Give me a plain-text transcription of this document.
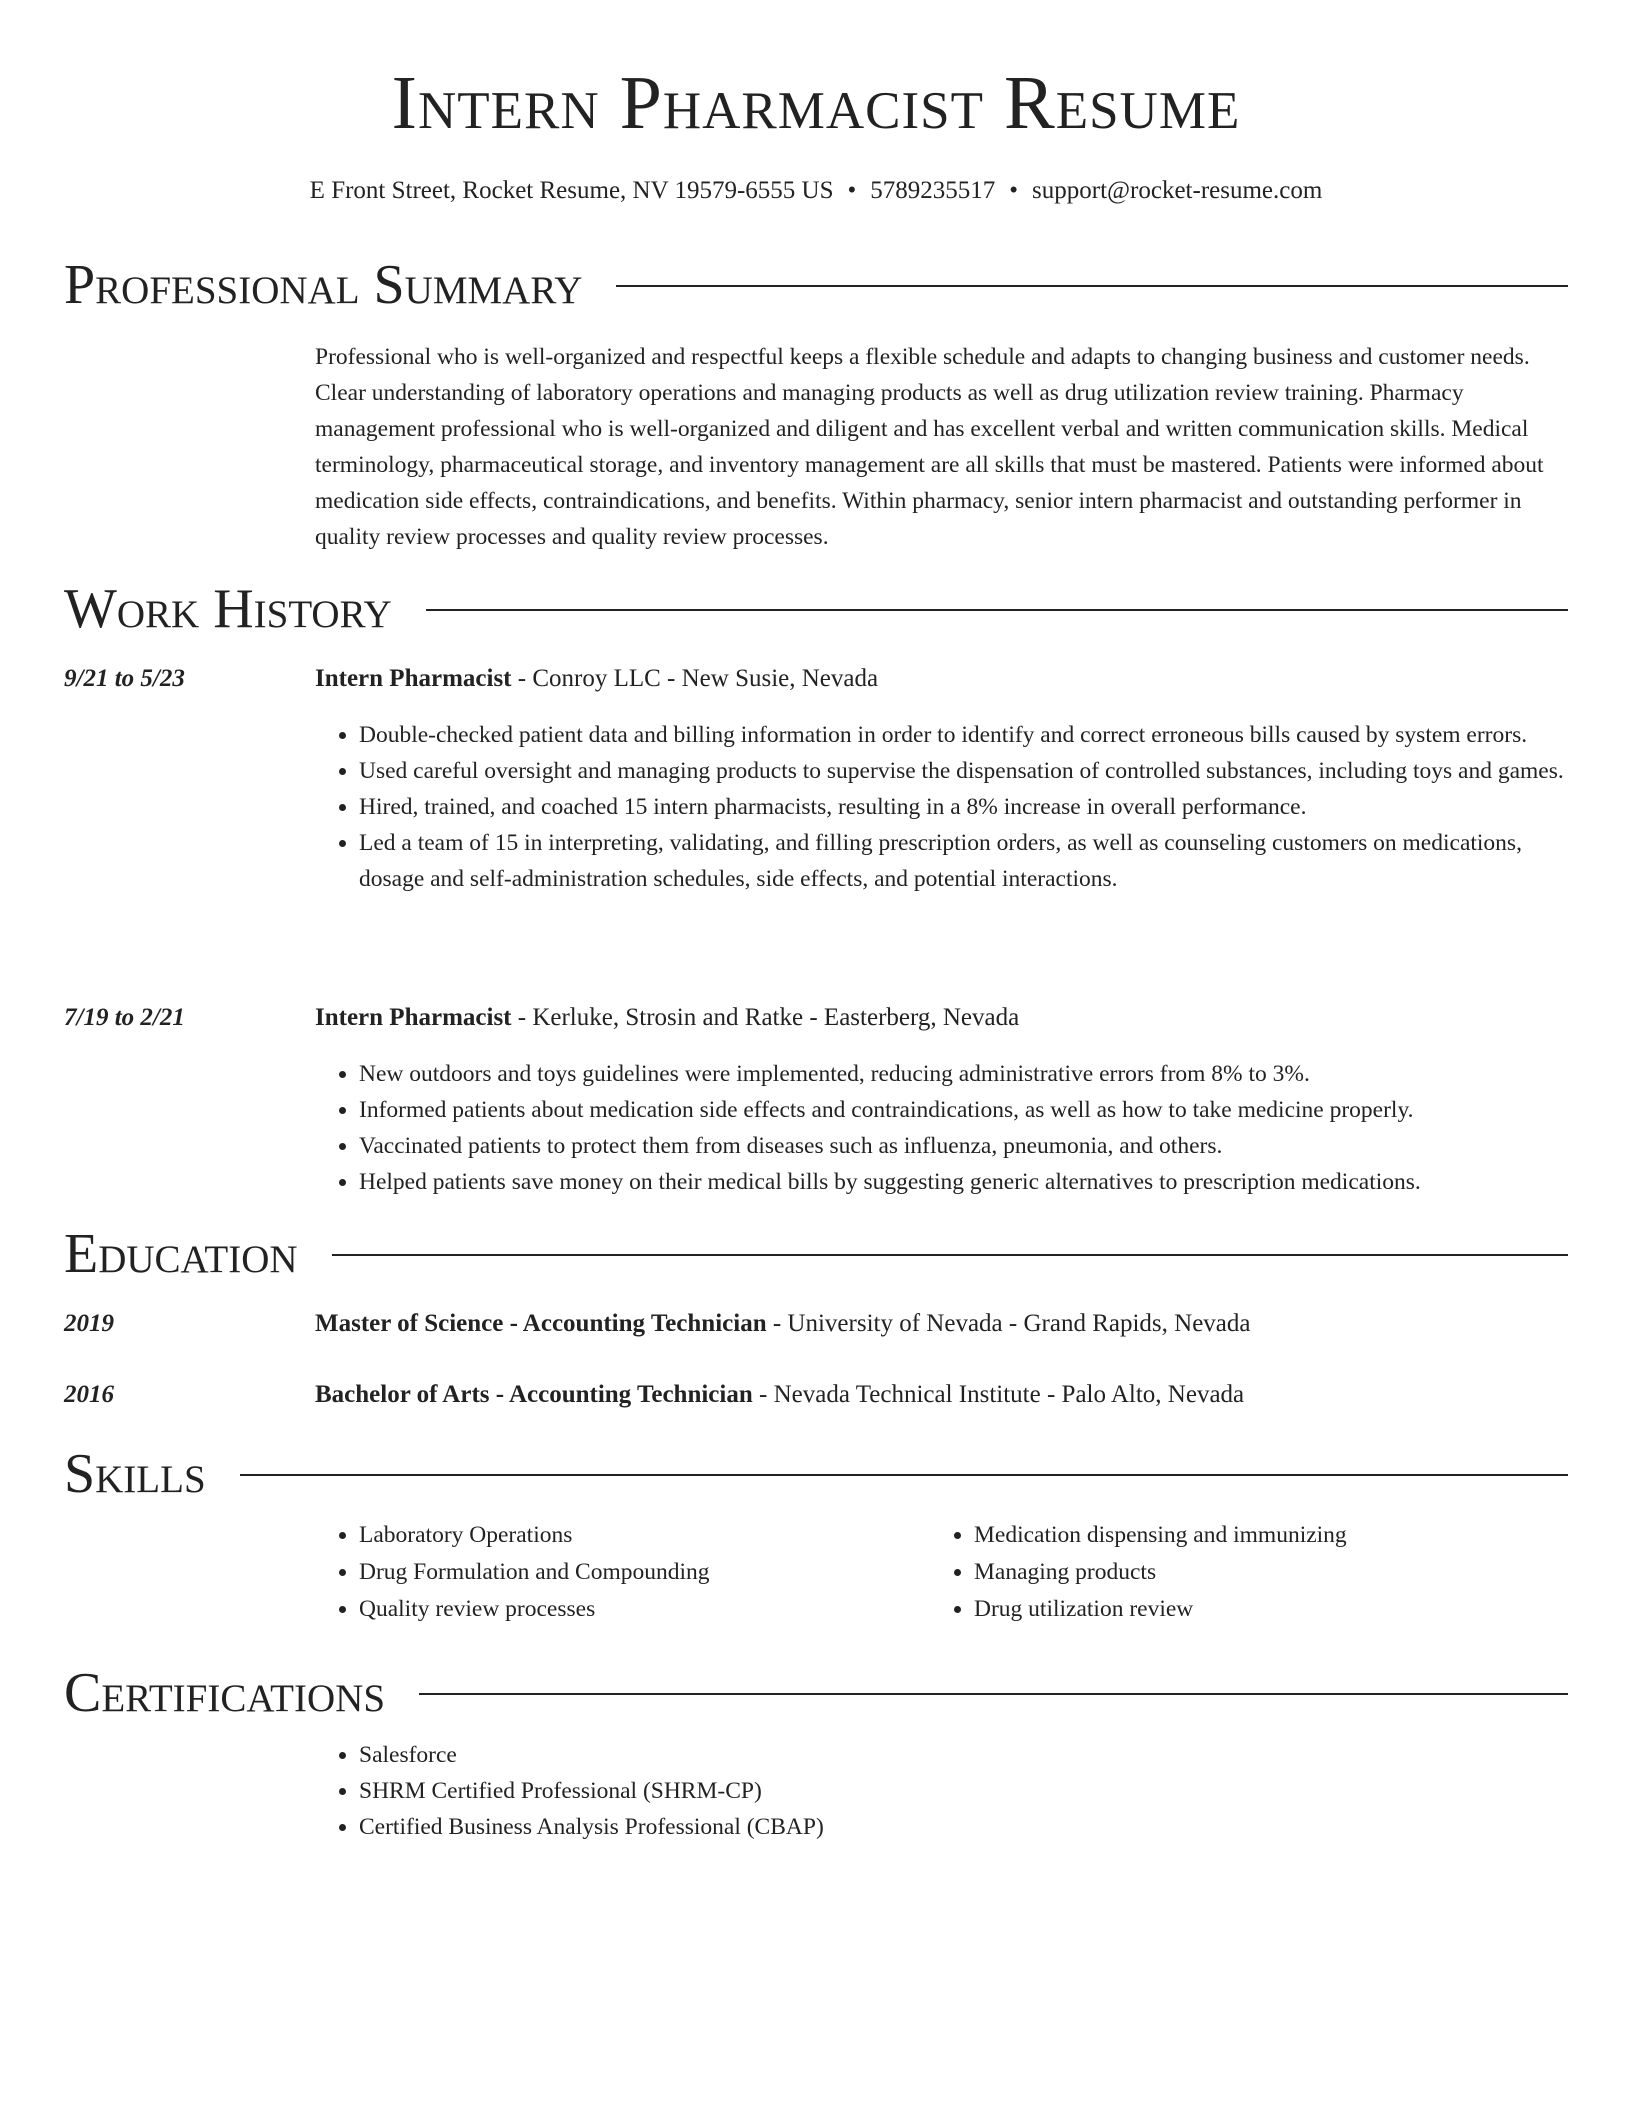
Intern Pharmacist Resume
E Front Street, Rocket Resume, NV 19579-6555 US • 5789235517 • support@rocket-resume.com
Professional Summary

Professional who is well-organized and respectful keeps a flexible schedule and adapts to changing business and customer needs. Clear understanding of laboratory operations and managing products as well as drug utilization review training. Pharmacy management professional who is well-organized and diligent and has excellent verbal and written communication skills. Medical terminology, pharmaceutical storage, and inventory management are all skills that must be mastered. Patients were informed about medication side effects, contraindications, and benefits. Within pharmacy, senior intern pharmacist and outstanding performer in quality review processes and quality review processes.

Work History
9/21 to 5/23	Intern Pharmacist - Conroy LLC - New Susie, Nevada
• Double-checked patient data and billing information in order to identify and correct erroneous bills caused by system errors.
• Used careful oversight and managing products to supervise the dispensation of controlled substances, including toys and games.
• Hired, trained, and coached 15 intern pharmacists, resulting in a 8% increase in overall performance.
• Led a team of 15 in interpreting, validating, and filling prescription orders, as well as counseling customers on medications, dosage and self-administration schedules, side effects, and potential interactions.
7/19 to 2/21	Intern Pharmacist - Kerluke, Strosin and Ratke - Easterberg, Nevada
• New outdoors and toys guidelines were implemented, reducing administrative errors from 8% to 3%.
• Informed patients about medication side effects and contraindications, as well as how to take medicine properly.
• Vaccinated patients to protect them from diseases such as influenza, pneumonia, and others.
• Helped patients save money on their medical bills by suggesting generic alternatives to prescription medications.
Education
2019	Master of Science - Accounting Technician - University of Nevada - Grand Rapids, Nevada
2016	Bachelor of Arts - Accounting Technician - Nevada Technical Institute - Palo Alto, Nevada
Skills
• Laboratory Operations
• Drug Formulation and Compounding
• Quality review processes
• Medication dispensing and immunizing
• Managing products
• Drug utilization review
Certifications
• Salesforce
• SHRM Certified Professional (SHRM-CP)
• Certified Business Analysis Professional (CBAP)
